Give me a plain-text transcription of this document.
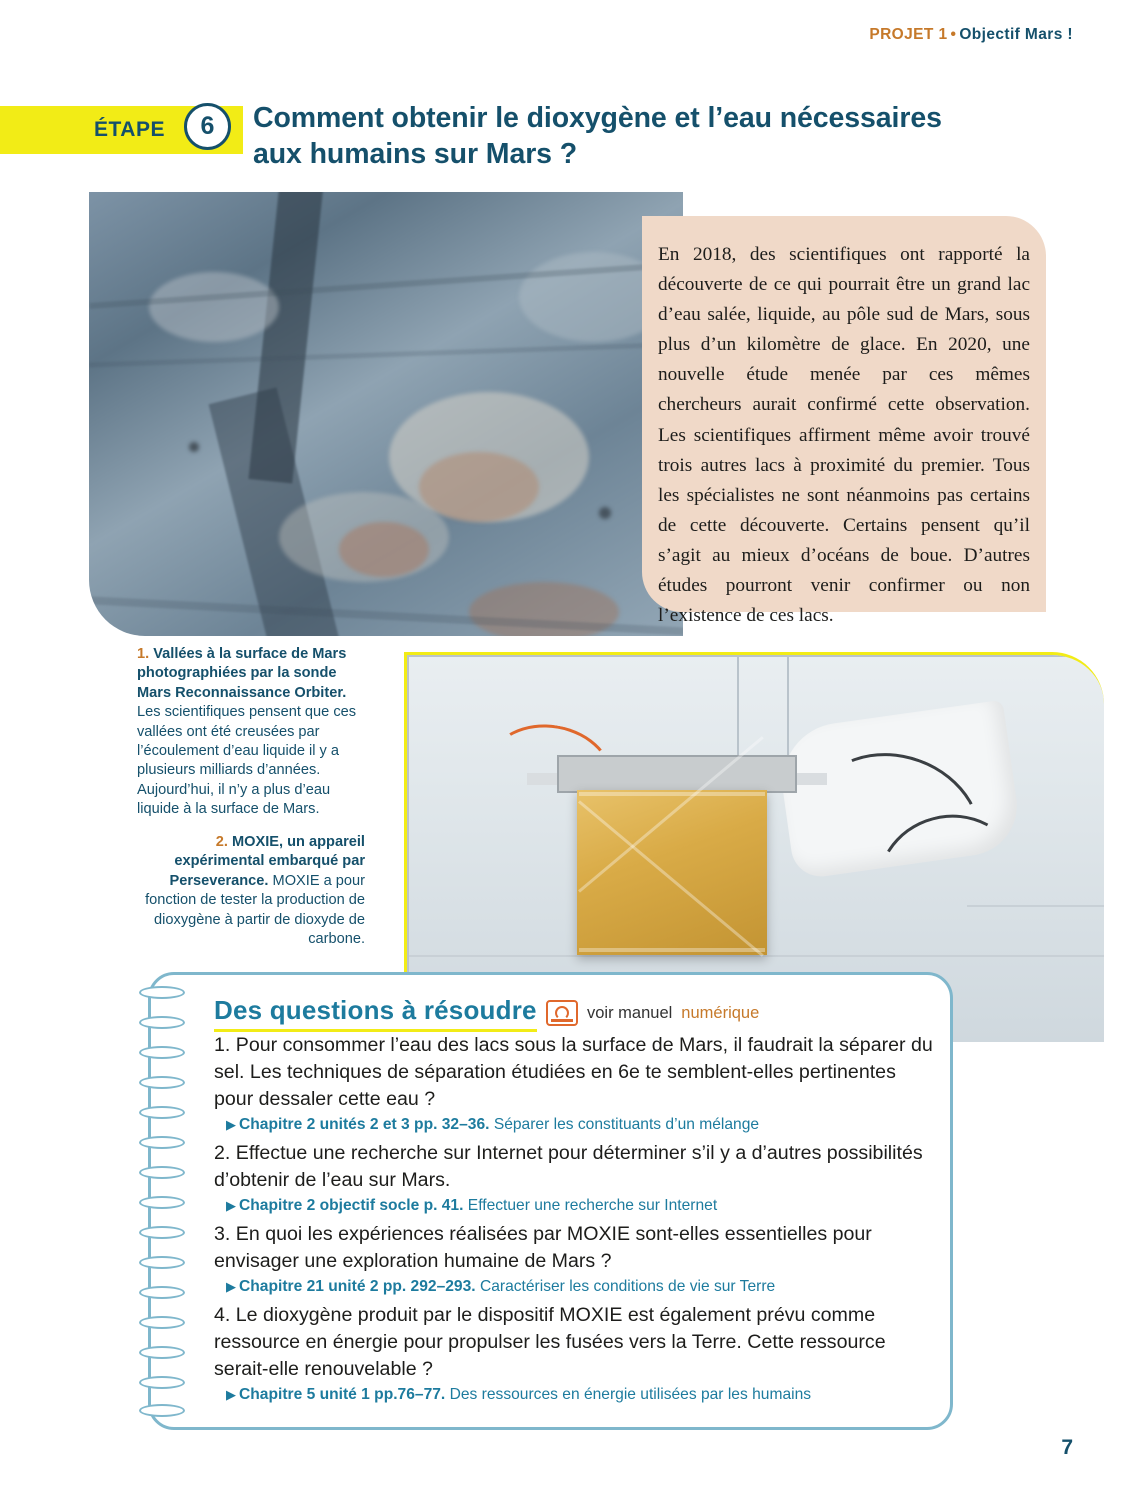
PROJET 1 • Objectif Mars !
ÉTAPE	6	Comment obtenir le dioxygène et l’eau nécessaires aux humains sur Mars ?
En 2018, des scientifiques ont rapporté la découverte de ce qui pourrait être un grand lac d’eau salée, liquide, au pôle sud de Mars, sous plus d’un kilomètre de glace. En 2020, une nouvelle étude menée par ces mêmes chercheurs aurait confirmé cette observation. Les scientifiques affirment même avoir trouvé trois autres lacs à proximité du premier. Tous les spécialistes ne sont néanmoins pas certains de cette découverte. Certains pensent qu’il s’agit au mieux d’océans de boue. D’autres études pourront venir confirmer ou non l’existence de ces lacs.
1. Vallées à la surface de Mars photographiées par la sonde Mars Reconnaissance Orbiter. Les scientifiques pensent que ces vallées ont été creusées par l’écoulement d’eau liquide il y a plusieurs milliards d’années. Aujourd’hui, il n’y a plus d’eau liquide à la surface de Mars.
2. MOXIE, un appareil expérimental embarqué par Perseverance. MOXIE a pour fonction de tester la production de dioxygène à partir de dioxyde de carbone.
Des questions à résoudre	voir manuel numérique
1. Pour consommer l’eau des lacs sous la surface de Mars, il faudrait la séparer du sel. Les techniques de séparation étudiées en 6e te semblent-elles pertinentes pour dessaler cette eau ?
▶ Chapitre 2 unités 2 et 3 pp. 32–36. Séparer les constituants d’un mélange
2. Effectue une recherche sur Internet pour déterminer s’il y a d’autres possibilités d’obtenir de l’eau sur Mars.
▶ Chapitre 2 objectif socle p. 41. Effectuer une recherche sur Internet
3. En quoi les expériences réalisées par MOXIE sont-elles essentielles pour envisager une exploration humaine de Mars ?
▶ Chapitre 21 unité 2 pp. 292–293. Caractériser les conditions de vie sur Terre
4. Le dioxygène produit par le dispositif MOXIE est également prévu comme ressource en énergie pour propulser les fusées vers la Terre. Cette ressource serait-elle renouvelable ?
▶ Chapitre 5 unité 1 pp.76–77. Des ressources en énergie utilisées par les humains
7
